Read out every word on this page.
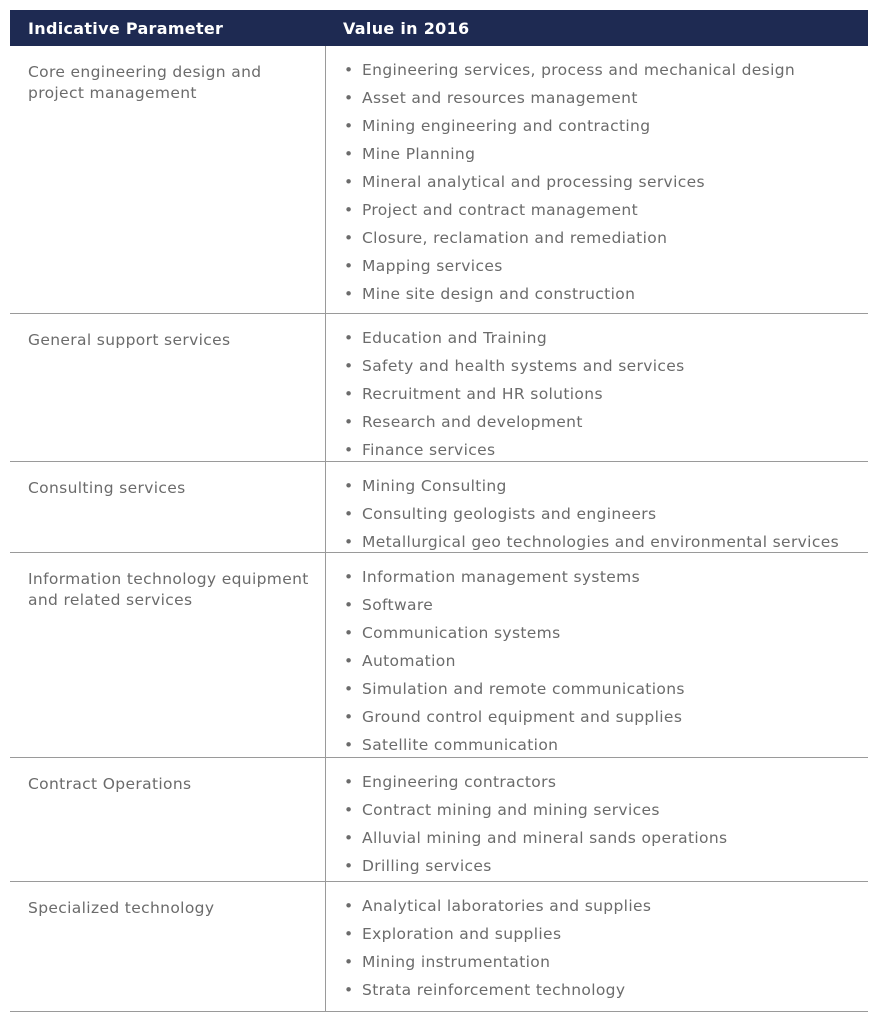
Indicative Parameter	Value in 2016
Core engineering design and project management
• Engineering services, process and mechanical design
• Asset and resources management
• Mining engineering and contracting
• Mine Planning
• Mineral analytical and processing services
• Project and contract management
• Closure, reclamation and remediation
• Mapping services
• Mine site design and construction
General support services	• Education and Training
• Safety and health systems and services
• Recruitment and HR solutions
• Research and development
• Finance services
Consulting services	• Mining Consulting
• Consulting geologists and engineers
• Metallurgical geo technologies and environmental services
Information technology equipment and related services
• Information management systems
• Software
• Communication systems
• Automation
• Simulation and remote communications
• Ground control equipment and supplies
• Satellite communication
Contract Operations	• Engineering contractors
• Contract mining and mining services
• Alluvial mining and mineral sands operations
• Drilling services
Specialized technology	• Analytical laboratories and supplies
• Exploration and supplies
• Mining instrumentation
• Strata reinforcement technology
